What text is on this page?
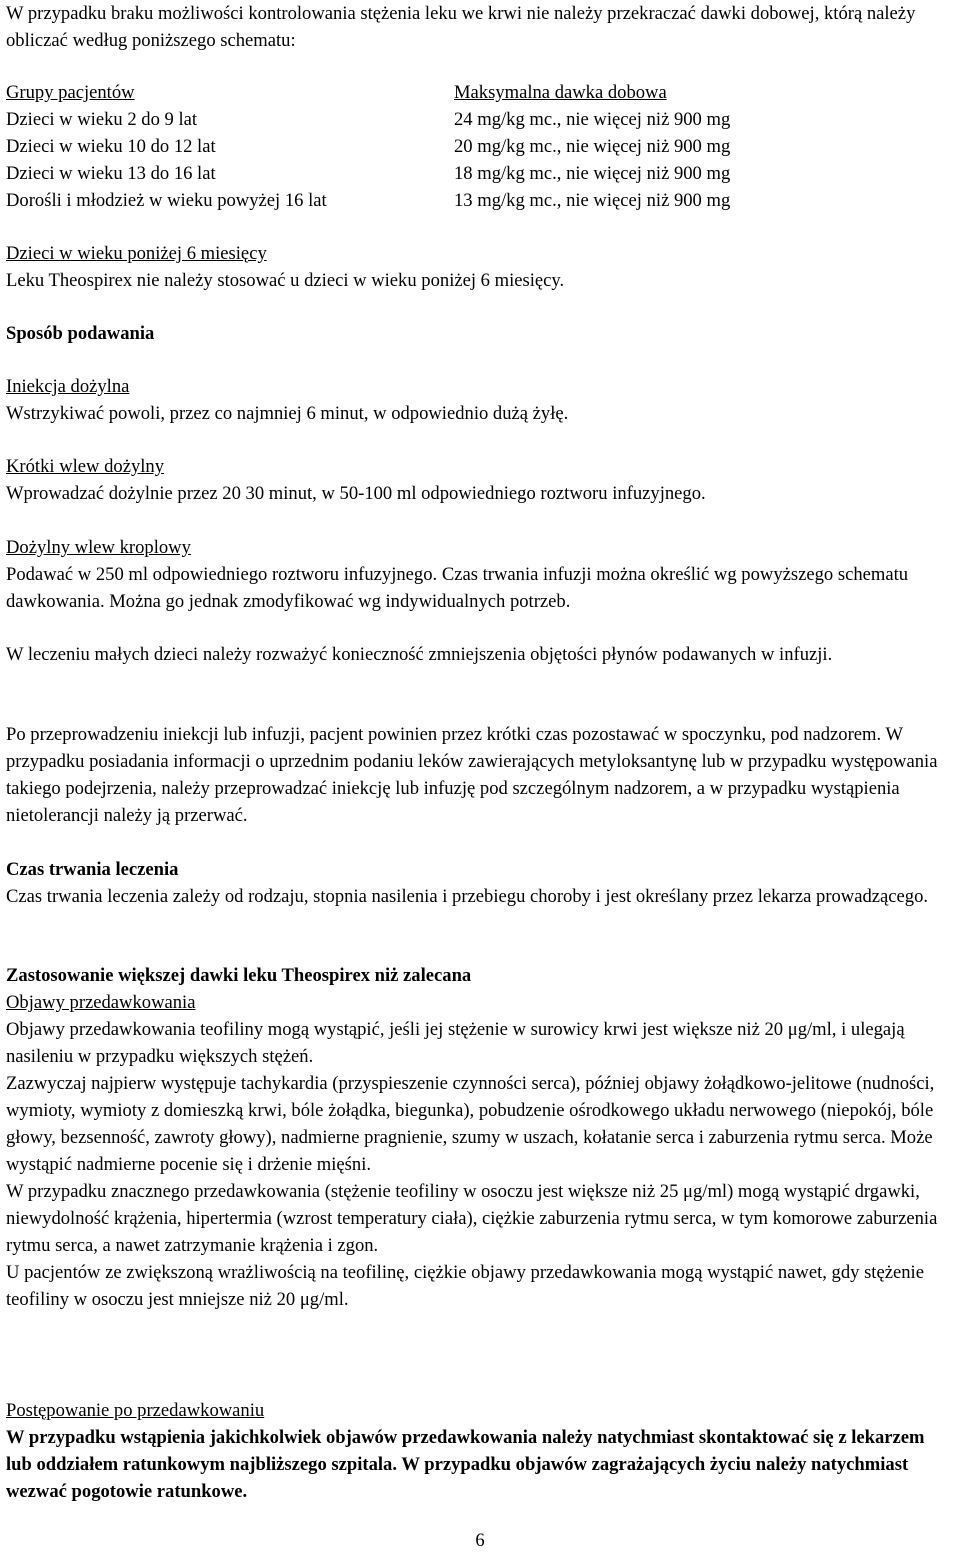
W przypadku braku możliwości kontrolowania stężenia leku we krwi nie należy przekraczać dawki dobowej, którą należy obliczać według poniższego schematu:

Grupy pacjentów	Maksymalna dawka dobowa
Dzieci w wieku 2 do 9 lat	24 mg/kg mc., nie więcej niż 900 mg
Dzieci w wieku 10 do 12 lat	20 mg/kg mc., nie więcej niż 900 mg
Dzieci w wieku 13 do 16 lat	18 mg/kg mc., nie więcej niż 900 mg
Dorośli i młodzież w wieku powyżej 16 lat	13 mg/kg mc., nie więcej niż 900 mg
Dzieci w wieku poniżej 6 miesięcy
Leku Theospirex nie należy stosować u dzieci w wieku poniżej 6 miesięcy.
Sposób podawania
Iniekcja dożylna
Wstrzykiwać powoli, przez co najmniej 6 minut, w odpowiednio dużą żyłę.
Krótki wlew dożylny
Wprowadzać dożylnie przez 20 30 minut, w 50-100 ml odpowiedniego roztworu infuzyjnego.
Dożylny wlew kroplowy
Podawać w 250 ml odpowiedniego roztworu infuzyjnego. Czas trwania infuzji można określić wg powyższego schematu dawkowania. Można go jednak zmodyfikować wg indywidualnych potrzeb.

W leczeniu małych dzieci należy rozważyć konieczność zmniejszenia objętości płynów podawanych w infuzji.

Po przeprowadzeniu iniekcji lub infuzji, pacjent powinien przez krótki czas pozostawać w spoczynku, pod nadzorem. W przypadku posiadania informacji o uprzednim podaniu leków zawierających metyloksantynę lub w przypadku występowania takiego podejrzenia, należy przeprowadzać iniekcję lub infuzję pod szczególnym nadzorem, a w przypadku wystąpienia nietolerancji należy ją przerwać.

Czas trwania leczenia
Czas trwania leczenia zależy od rodzaju, stopnia nasilenia i przebiegu choroby i jest określany przez lekarza prowadzącego.
Zastosowanie większej dawki leku Theospirex niż zalecana
Objawy przedawkowania
Objawy przedawkowania teofiliny mogą wystąpić, jeśli jej stężenie w surowicy krwi jest większe niż 20 μg/ml, i ulegają nasileniu w przypadku większych stężeń.
Zazwyczaj najpierw występuje tachykardia (przyspieszenie czynności serca), później objawy żołądkowo-jelitowe (nudności, wymioty, wymioty z domieszką krwi, bóle żołądka, biegunka), pobudzenie ośrodkowego układu nerwowego (niepokój, bóle głowy, bezsenność, zawroty głowy), nadmierne pragnienie, szumy w uszach, kołatanie serca i zaburzenia rytmu serca. Może wystąpić nadmierne pocenie się i drżenie mięśni.
W przypadku znacznego przedawkowania (stężenie teofiliny w osoczu jest większe niż 25 μg/ml) mogą wystąpić drgawki, niewydolność krążenia, hipertermia (wzrost temperatury ciała), ciężkie zaburzenia rytmu serca, w tym komorowe zaburzenia rytmu serca, a nawet zatrzymanie krążenia i zgon.
U pacjentów ze zwiększoną wrażliwością na teofilinę, ciężkie objawy przedawkowania mogą wystąpić nawet, gdy stężenie teofiliny w osoczu jest mniejsze niż 20 μg/ml.
Postępowanie po przedawkowaniu
W przypadku wstąpienia jakichkolwiek objawów przedawkowania należy natychmiast skontaktować się z lekarzem lub oddziałem ratunkowym najbliższego szpitala. W przypadku objawów zagrażających życiu należy natychmiast wezwać pogotowie ratunkowe.
6
